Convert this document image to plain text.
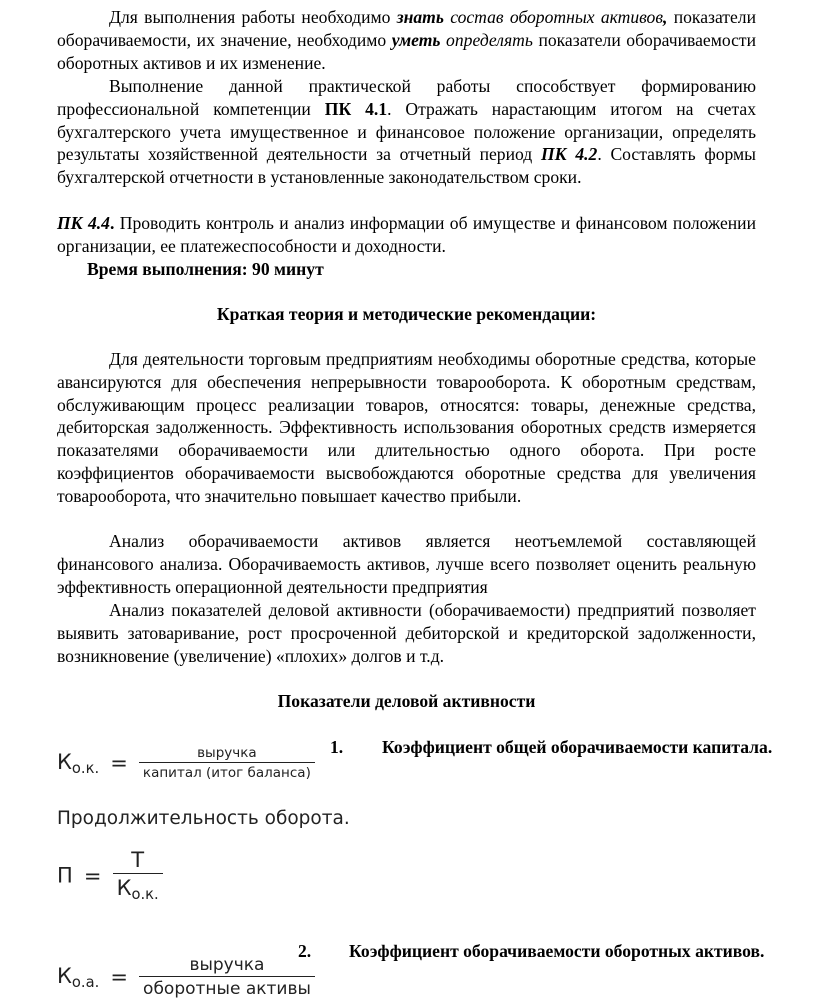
Для выполнения работы необходимо знать состав оборотных активов, показатели оборачиваемости, их значение, необходимо уметь определять показатели оборачиваемости оборотных активов и их изменение.

Выполнение данной практической работы способствует формированию профессиональной компетенции ПК 4.1. Отражать нарастающим итогом на счетах бухгалтерского учета имущественное и финансовое положение организации, определять результаты хозяйственной деятельности за отчетный период ПК 4.2. Составлять формы бухгалтерской отчетности в установленные законодательством сроки.

ПК 4.4. Проводить контроль и анализ информации об имуществе и финансовом положении организации, ее платежеспособности и доходности.

Время выполнения: 90 минут

Краткая теория и методические рекомендации:

Для деятельности торговым предприятиям необходимы оборотные средства, которые авансируются для обеспечения непрерывности товарооборота. К оборотным средствам, обслуживающим процесс реализации товаров, относятся: товары, денежные средства, дебиторская задолженность. Эффективность использования оборотных средств измеряется показателями оборачиваемости или длительностью одного оборота. При росте коэффициентов оборачиваемости высвобождаются оборотные средства для увеличения товарооборота, что значительно повышает качество прибыли.

Анализ оборачиваемости активов является неотъемлемой составляющей финансового анализа. Оборачиваемость активов, лучше всего позволяет оценить реальную эффективность операционной деятельности предприятия

Анализ показателей деловой активности (оборачиваемости) предприятий позволяет выявить затоваривание, рост просроченной дебиторской и кредиторской задолженности, возникновение (увеличение) «плохих» долгов и т.д.

Показатели деловой активности

1. Коэффициент общей оборачиваемости капитала.

$К_{о.к.} = \frac{\text{выручка}}{\text{капитал (итог баланса)}}$

Продолжительность оборота.

$П = \frac{Т}{К_{о.к.}}$

2. Коэффициент оборачиваемости оборотных активов.

$К_{о.а.} = \frac{\text{выручка}}{\text{оборотные активы}}$
